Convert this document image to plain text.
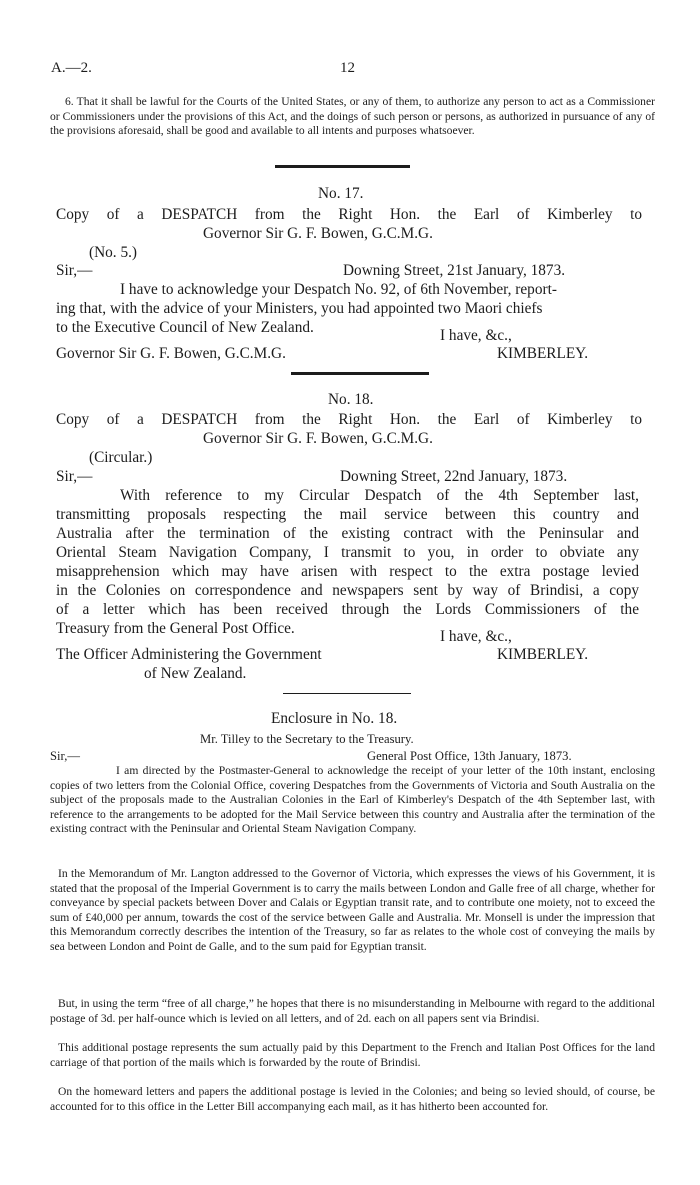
A.—2.	12
6. That it shall be lawful for the Courts of the United States, or any of them, to authorize any person to act as a Commissioner or Commissioners under the provisions of this Act, and the doings of such person or persons, as authorized in pursuance of any of the provisions aforesaid, shall be good and available to all intents and purposes whatsoever.
No. 17.
Copy of a DESPATCH from the Right Hon. the Earl of Kimberley to
Governor Sir G. F. Bowen, G.C.M.G.
(No. 5.)
Sir,—	Downing Street, 21st January, 1873.
I have to acknowledge your Despatch No. 92, of 6th November, report-
ing that, with the advice of your Ministers, you had appointed two Maori chiefs
to the Executive Council of New Zealand.	I have, &c.,
Governor Sir G. F. Bowen, G.C.M.G.	KIMBERLEY.
No. 18.
Copy of a DESPATCH from the Right Hon. the Earl of Kimberley to
Governor Sir G. F. Bowen, G.C.M.G.
(Circular.)
Sir,—	Downing Street, 22nd January, 1873.
With reference to my Circular Despatch of the 4th September last,
transmitting proposals respecting the mail service between this country and
Australia after the termination of the existing contract with the Peninsular and
Oriental Steam Navigation Company, I transmit to you, in order to obviate any
misapprehension which may have arisen with respect to the extra postage levied
in the Colonies on correspondence and newspapers sent by way of Brindisi, a copy
of a letter which has been received through the Lords Commissioners of the
Treasury from the General Post Office.	I have, &c.,
The Officer Administering the Government	KIMBERLEY.
of New Zealand.
Enclosure in No. 18.
Mr. Tilley to the Secretary to the Treasury.
Sir,—	General Post Office, 13th January, 1873.
I am directed by the Postmaster-General to acknowledge the receipt of your letter of the 10th instant, enclosing copies of two letters from the Colonial Office, covering Despatches from the Governments of Victoria and South Australia on the subject of the proposals made to the Australian Colonies in the Earl of Kimberley's Despatch of the 4th September last, with reference to the arrangements to be adopted for the Mail Service between this country and Australia after the termination of the existing contract with the Peninsular and Oriental Steam Navigation Company.
In the Memorandum of Mr. Langton addressed to the Governor of Victoria, which expresses the views of his Government, it is stated that the proposal of the Imperial Government is to carry the mails between London and Galle free of all charge, whether for conveyance by special packets between Dover and Calais or Egyptian transit rate, and to contribute one moiety, not to exceed the sum of £40,000 per annum, towards the cost of the service between Galle and Australia. Mr. Monsell is under the impression that this Memorandum correctly describes the intention of the Treasury, so far as relates to the whole cost of conveying the mails by sea between London and Point de Galle, and to the sum paid for Egyptian transit.
But, in using the term “free of all charge,” he hopes that there is no misunderstanding in Melbourne with regard to the additional postage of 3d. per half-ounce which is levied on all letters, and of 2d. each on all papers sent via Brindisi.
This additional postage represents the sum actually paid by this Department to the French and Italian Post Offices for the land carriage of that portion of the mails which is forwarded by the route of Brindisi.
On the homeward letters and papers the additional postage is levied in the Colonies; and being so levied should, of course, be accounted for to this office in the Letter Bill accompanying each mail, as it has hitherto been accounted for.
